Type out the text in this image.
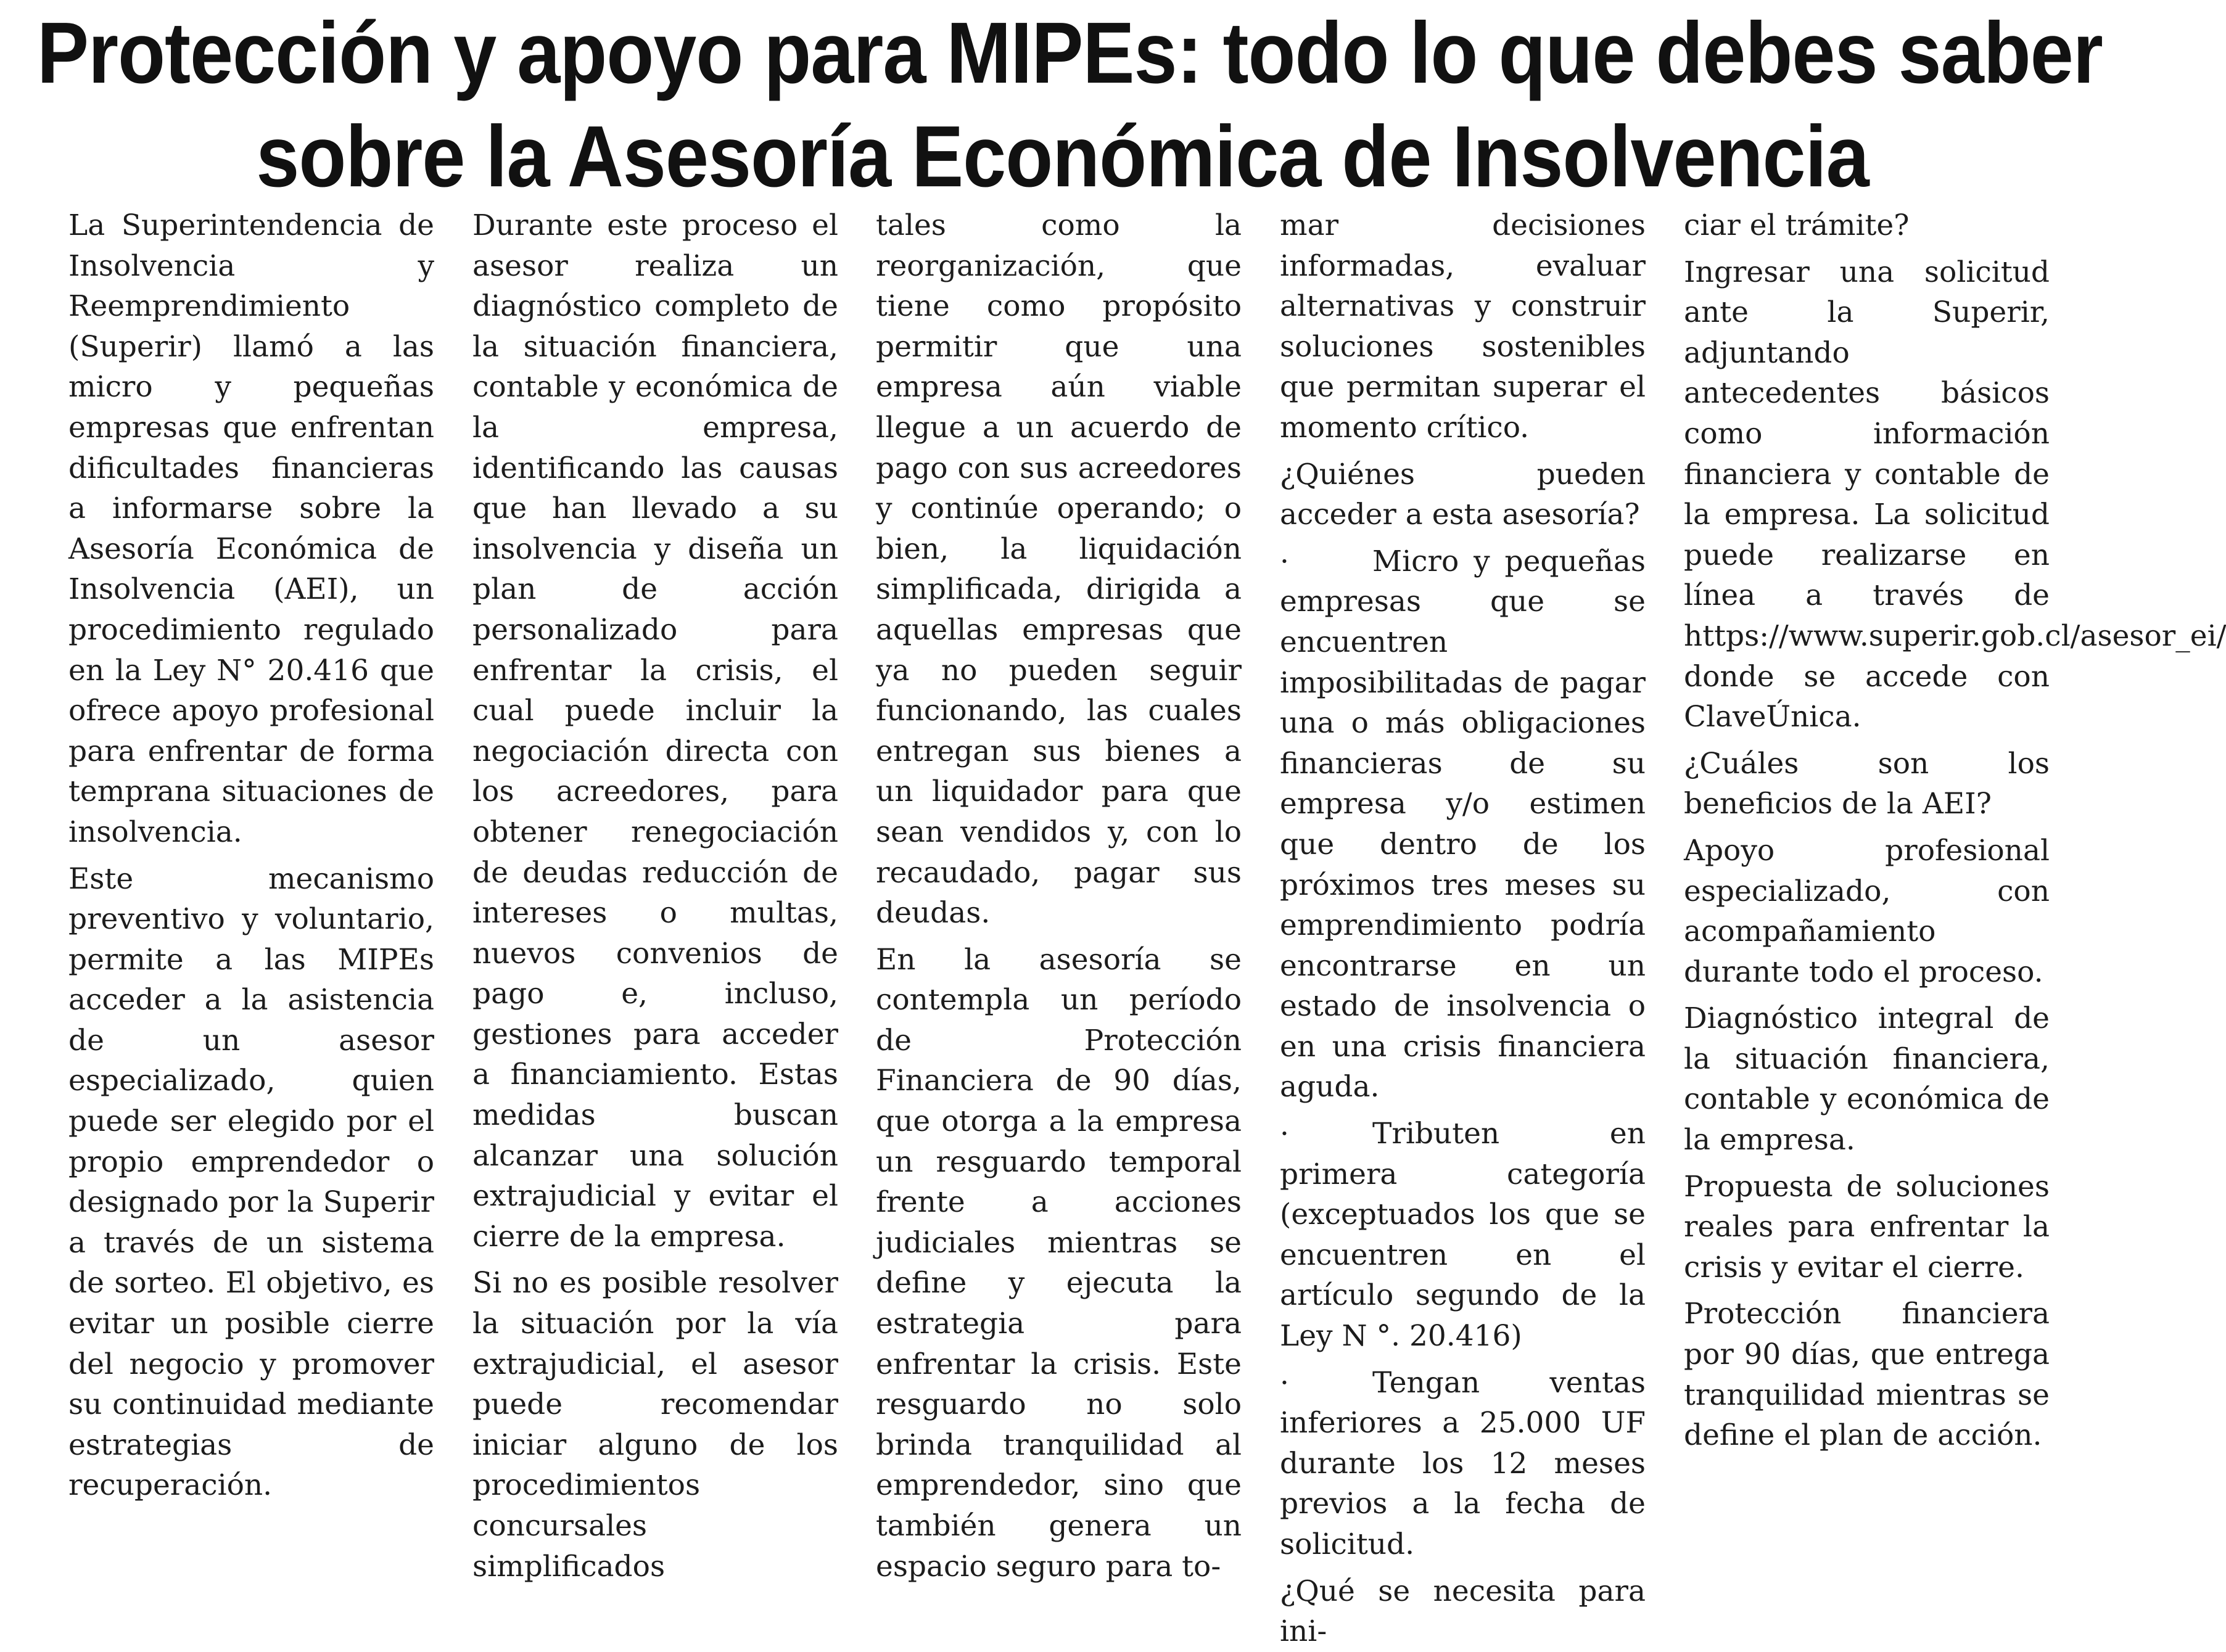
Protección y apoyo para MIPEs: todo lo que debes saber
sobre la Asesoría Económica de Insolvencia

La Superintendencia de Insolvencia y Reemprendimiento (Superir) llamó a las micro y pequeñas empresas que enfrentan dificultades financieras a informarse sobre la Asesoría Económica de Insolvencia (AEI), un procedimiento regulado en la Ley N° 20.416 que ofrece apoyo profesional para enfrentar de forma temprana situaciones de insolvencia.

Este mecanismo preventivo y voluntario, permite a las MIPEs acceder a la asistencia de un asesor especializado, quien puede ser elegido por el propio emprendedor o designado por la Superir a través de un sistema de sorteo. El objetivo, es evitar un posible cierre del negocio y promover su continuidad mediante estrategias de recuperación.

Durante este proceso el asesor realiza un diagnóstico completo de la situación financiera, contable y económica de la empresa, identificando las causas que han llevado a su insolvencia y diseña un plan de acción personalizado para enfrentar la crisis, el cual puede incluir la negociación directa con los acreedores, para obtener renegociación de deudas reducción de intereses o multas, nuevos convenios de pago e, incluso, gestiones para acceder a financiamiento. Estas medidas buscan alcanzar una solución extrajudicial y evitar el cierre de la empresa.

Si no es posible resolver la situación por la vía extrajudicial, el asesor puede recomendar iniciar alguno de los procedimientos concursales simplificados

tales como la reorganización, que tiene como propósito permitir que una empresa aún viable llegue a un acuerdo de pago con sus acreedores y continúe operando; o bien, la liquidación simplificada, dirigida a aquellas empresas que ya no pueden seguir funcionando, las cuales entregan sus bienes a un liquidador para que sean vendidos y, con lo recaudado, pagar sus deudas.

En la asesoría se contempla un período de Protección Financiera de 90 días, que otorga a la empresa un resguardo temporal frente a acciones judiciales mientras se define y ejecuta la estrategia para enfrentar la crisis. Este resguardo no solo brinda tranquilidad al emprendedor, sino que también genera un espacio seguro para to-

mar decisiones informadas, evaluar alternativas y construir soluciones sostenibles que permitan superar el momento crítico.

¿Quiénes pueden acceder a esta asesoría?

·	Micro y pequeñas empresas que se encuentren imposibilitadas de pagar una o más obligaciones financieras de su empresa y/o estimen que dentro de los próximos tres meses su emprendimiento podría encontrarse en un estado de insolvencia o en una crisis financiera aguda.
·	Tributen en primera categoría (exceptuados los que se encuentren en el artículo segundo de la Ley N °. 20.416)
·	Tengan ventas inferiores a 25.000 UF durante los 12 meses previos a la fecha de solicitud.

¿Qué se necesita para ini-

ciar el trámite?

Ingresar una solicitud ante la Superir, adjuntando antecedentes básicos como información financiera y contable de la empresa. La solicitud puede realizarse en línea a través de https://www.superir.gob.cl/asesor_ei/ donde se accede con ClaveÚnica.

¿Cuáles son los beneficios de la AEI?

Apoyo profesional especializado, con acompañamiento durante todo el proceso.

Diagnóstico integral de la situación financiera, contable y económica de la empresa.

Propuesta de soluciones reales para enfrentar la crisis y evitar el cierre.

Protección financiera por 90 días, que entrega tranquilidad mientras se define el plan de acción.
